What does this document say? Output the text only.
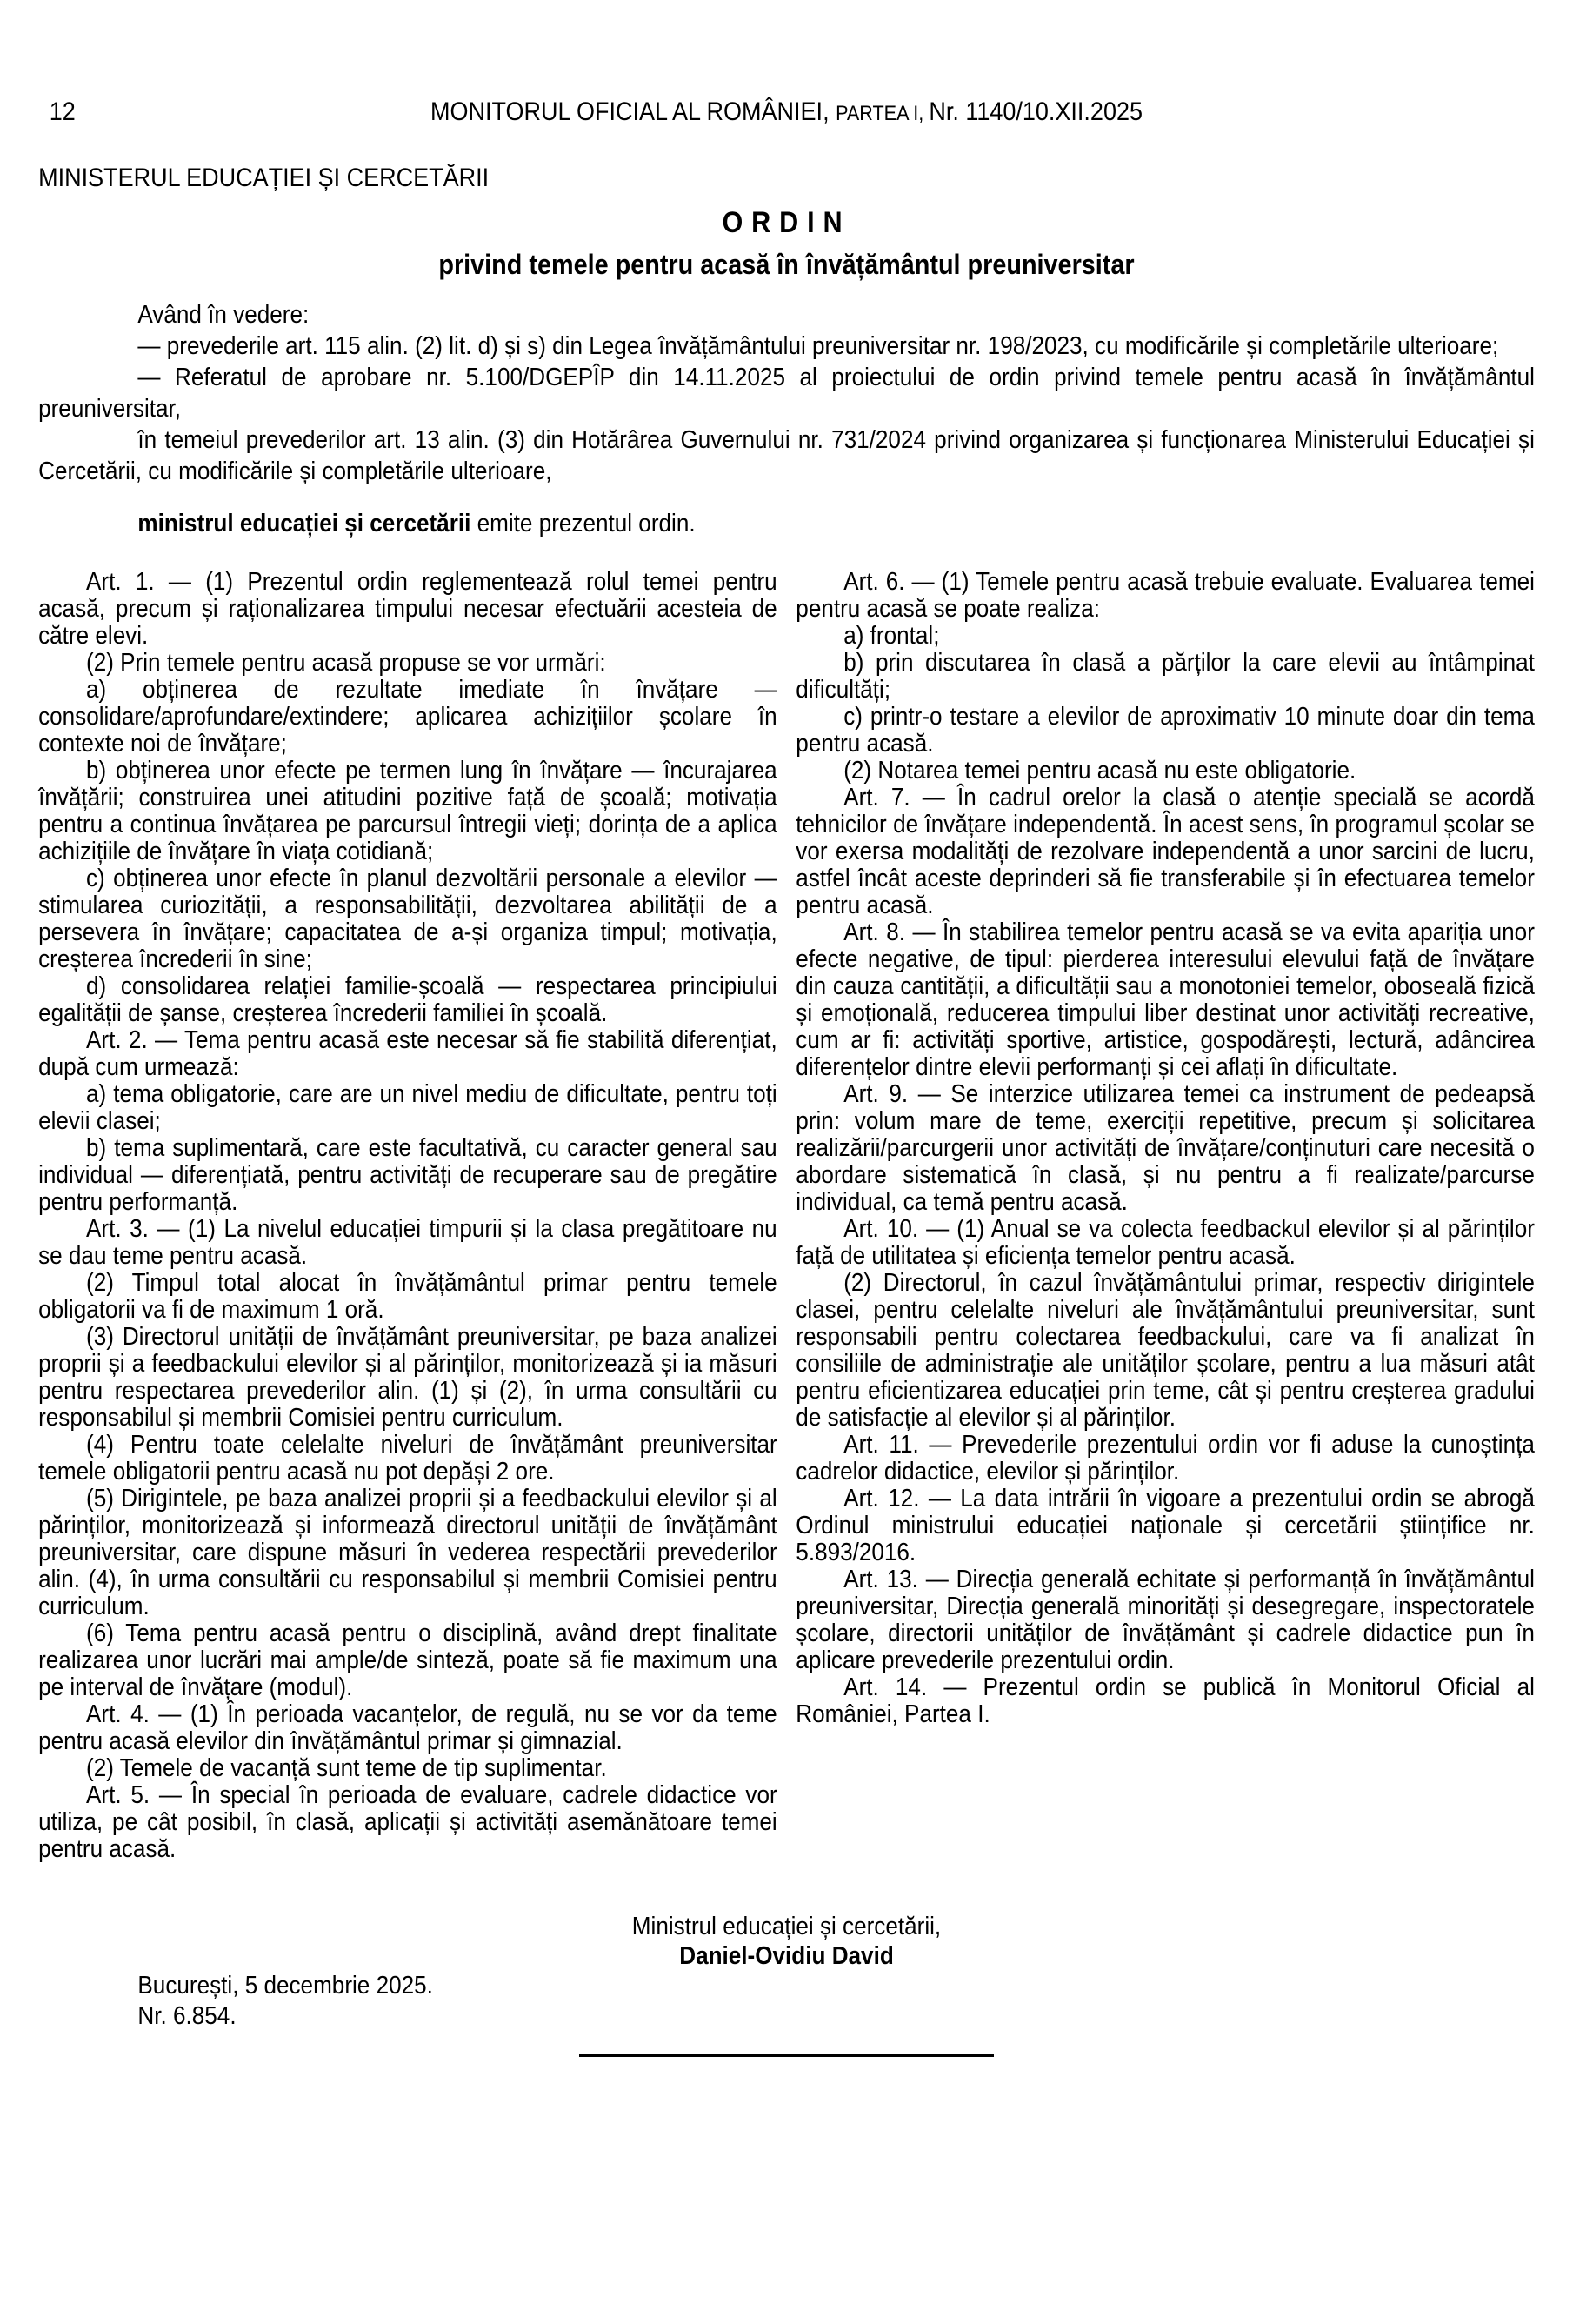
12	MONITORUL OFICIAL AL ROMÂNIEI, PARTEA I, Nr. 1140/10.XII.2025
MINISTERUL EDUCAȚIEI ȘI CERCETĂRII
ORDIN
privind temele pentru acasă în învățământul preuniversitar

Având în vedere:

— prevederile art. 115 alin. (2) lit. d) și s) din Legea învățământului preuniversitar nr. 198/2023, cu modificările și completările ulterioare;

— Referatul de aprobare nr. 5.100/DGEPÎP din 14.11.2025 al proiectului de ordin privind temele pentru acasă în învățământul preuniversitar,

în temeiul prevederilor art. 13 alin. (3) din Hotărârea Guvernului nr. 731/2024 privind organizarea și funcționarea Ministerului Educației și Cercetării, cu modificările și completările ulterioare,

ministrul educației și cercetării emite prezentul ordin.

Art. 1. — (1) Prezentul ordin reglementează rolul temei pentru acasă, precum și raționalizarea timpului necesar efectuării acesteia de către elevi.

(2) Prin temele pentru acasă propuse se vor urmări:

a) obținerea de rezultate imediate în învățare — consolidare/aprofundare/extindere; aplicarea achizițiilor școlare în contexte noi de învățare;

b) obținerea unor efecte pe termen lung în învățare — încurajarea învățării; construirea unei atitudini pozitive față de școală; motivația pentru a continua învățarea pe parcursul întregii vieți; dorința de a aplica achizițiile de învățare în viața cotidiană;

c) obținerea unor efecte în planul dezvoltării personale a elevilor — stimularea curiozității, a responsabilității, dezvoltarea abilității de a persevera în învățare; capacitatea de a-și organiza timpul; motivația, creșterea încrederii în sine;

d) consolidarea relației familie-școală — respectarea principiului egalității de șanse, creșterea încrederii familiei în școală.

Art. 2. — Tema pentru acasă este necesar să fie stabilită diferențiat, după cum urmează:

a) tema obligatorie, care are un nivel mediu de dificultate, pentru toți elevii clasei;

b) tema suplimentară, care este facultativă, cu caracter general sau individual — diferențiată, pentru activități de recuperare sau de pregătire pentru performanță.

Art. 3. — (1) La nivelul educației timpurii și la clasa pregătitoare nu se dau teme pentru acasă.

(2) Timpul total alocat în învățământul primar pentru temele obligatorii va fi de maximum 1 oră.

(3) Directorul unității de învățământ preuniversitar, pe baza analizei proprii și a feedbackului elevilor și al părinților, monitorizează și ia măsuri pentru respectarea prevederilor alin. (1) și (2), în urma consultării cu responsabilul și membrii Comisiei pentru curriculum.

(4) Pentru toate celelalte niveluri de învățământ preuniversitar temele obligatorii pentru acasă nu pot depăși 2 ore.

(5) Dirigintele, pe baza analizei proprii și a feedbackului elevilor și al părinților, monitorizează și informează directorul unității de învățământ preuniversitar, care dispune măsuri în vederea respectării prevederilor alin. (4), în urma consultării cu responsabilul și membrii Comisiei pentru curriculum.

(6) Tema pentru acasă pentru o disciplină, având drept finalitate realizarea unor lucrări mai ample/de sinteză, poate să fie maximum una pe interval de învățare (modul).

Art. 4. — (1) În perioada vacanțelor, de regulă, nu se vor da teme pentru acasă elevilor din învățământul primar și gimnazial.

(2) Temele de vacanță sunt teme de tip suplimentar.

Art. 5. — În special în perioada de evaluare, cadrele didactice vor utiliza, pe cât posibil, în clasă, aplicații și activități asemănătoare temei pentru acasă.

Art. 6. — (1) Temele pentru acasă trebuie evaluate. Evaluarea temei pentru acasă se poate realiza:

a) frontal;

b) prin discutarea în clasă a părților la care elevii au întâmpinat dificultăți;

c) printr-o testare a elevilor de aproximativ 10 minute doar din tema pentru acasă.

(2) Notarea temei pentru acasă nu este obligatorie.

Art. 7. — În cadrul orelor la clasă o atenție specială se acordă tehnicilor de învățare independentă. În acest sens, în programul școlar se vor exersa modalități de rezolvare independentă a unor sarcini de lucru, astfel încât aceste deprinderi să fie transferabile și în efectuarea temelor pentru acasă.

Art. 8. — În stabilirea temelor pentru acasă se va evita apariția unor efecte negative, de tipul: pierderea interesului elevului față de învățare din cauza cantității, a dificultății sau a monotoniei temelor, oboseală fizică și emoțională, reducerea timpului liber destinat unor activități recreative, cum ar fi: activități sportive, artistice, gospodărești, lectură, adâncirea diferențelor dintre elevii performanți și cei aflați în dificultate.

Art. 9. — Se interzice utilizarea temei ca instrument de pedeapsă prin: volum mare de teme, exerciții repetitive, precum și solicitarea realizării/parcurgerii unor activități de învățare/conținuturi care necesită o abordare sistematică în clasă, și nu pentru a fi realizate/parcurse individual, ca temă pentru acasă.

Art. 10. — (1) Anual se va colecta feedbackul elevilor și al părinților față de utilitatea și eficiența temelor pentru acasă.

(2) Directorul, în cazul învățământului primar, respectiv dirigintele clasei, pentru celelalte niveluri ale învățământului preuniversitar, sunt responsabili pentru colectarea feedbackului, care va fi analizat în consiliile de administrație ale unităților școlare, pentru a lua măsuri atât pentru eficientizarea educației prin teme, cât și pentru creșterea gradului de satisfacție al elevilor și al părinților.

Art. 11. — Prevederile prezentului ordin vor fi aduse la cunoștința cadrelor didactice, elevilor și părinților.

Art. 12. — La data intrării în vigoare a prezentului ordin se abrogă Ordinul ministrului educației naționale și cercetării științifice nr. 5.893/2016.

Art. 13. — Direcția generală echitate și performanță în învățământul preuniversitar, Direcția generală minorități și desegregare, inspectoratele școlare, directorii unităților de învățământ și cadrele didactice pun în aplicare prevederile prezentului ordin.

Art. 14. — Prezentul ordin se publică în Monitorul Oficial al României, Partea I.

Ministrul educației și cercetării,
Daniel-Ovidiu David

București, 5 decembrie 2025.

Nr. 6.854.
